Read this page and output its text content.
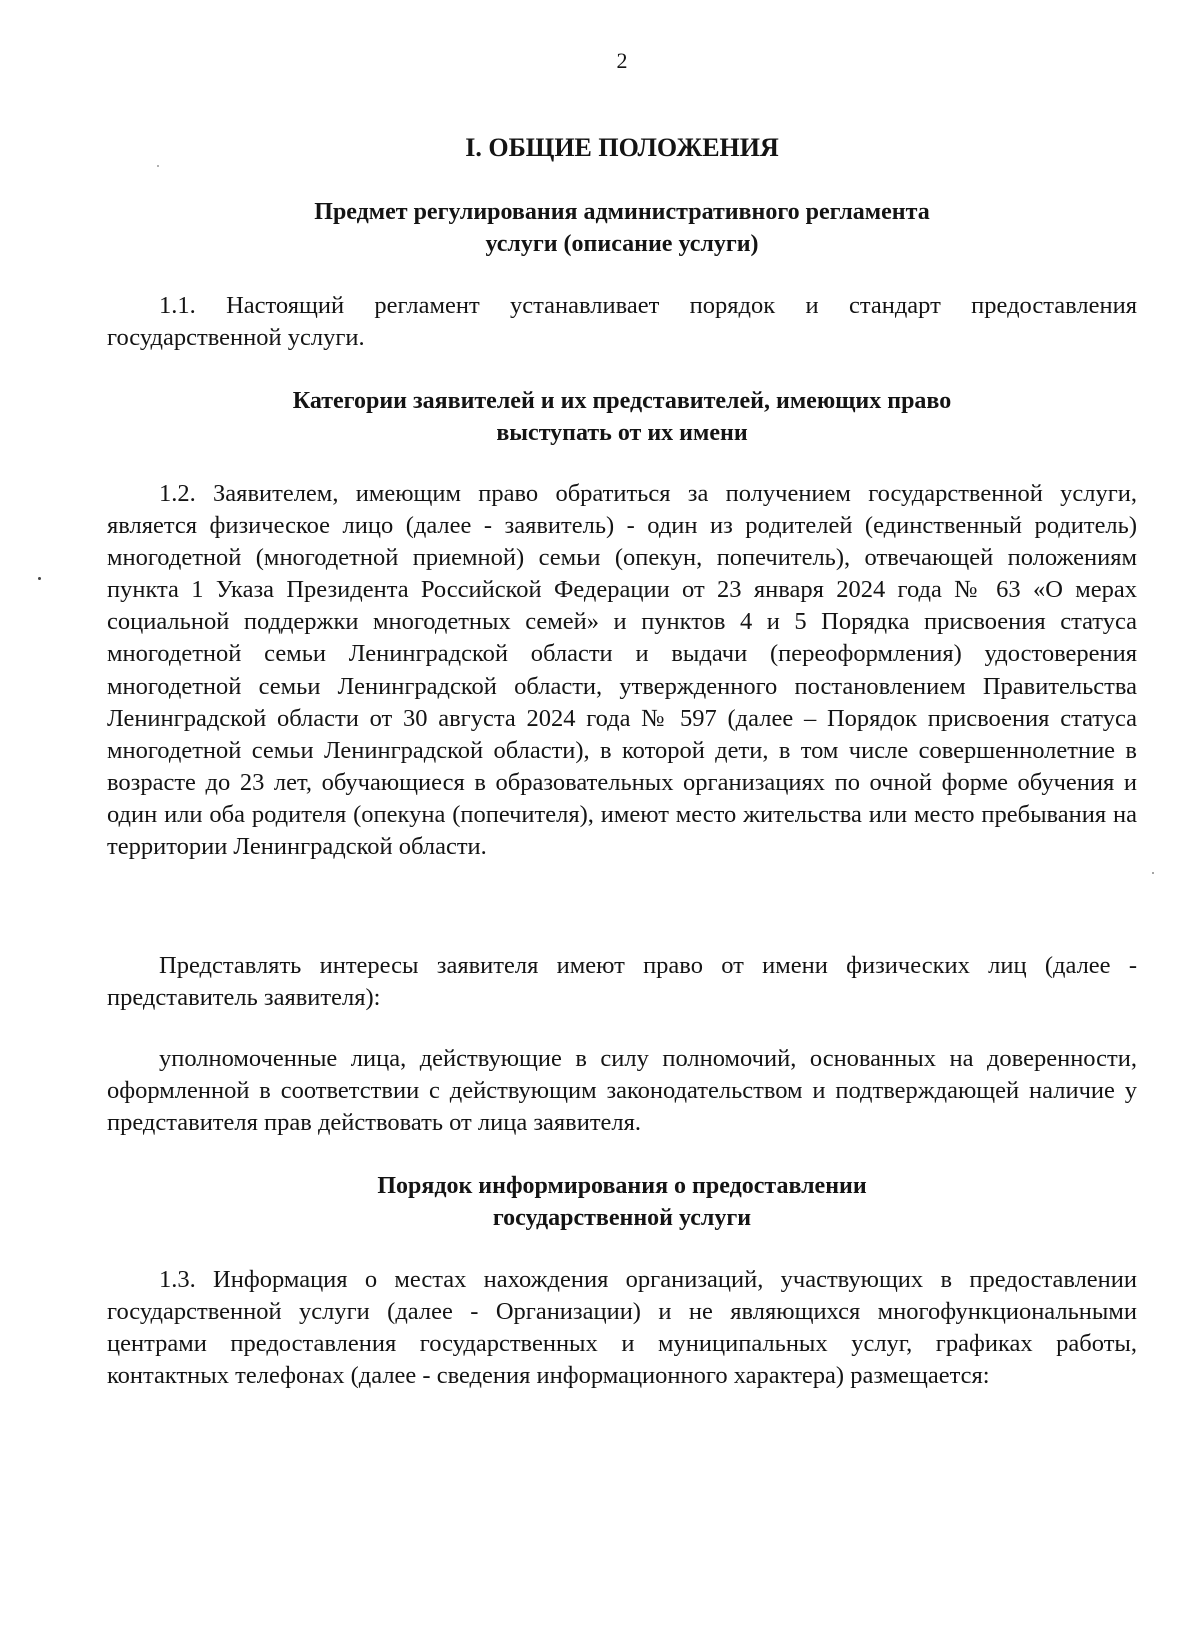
2
I. ОБЩИЕ ПОЛОЖЕНИЯ
Предмет регулирования административного регламента
услуги (описание услуги)

1.1. Настоящий регламент устанавливает порядок и стандарт предоставления государственной услуги.

Категории заявителей и их представителей, имеющих право
выступать от их имени

1.2. Заявителем, имеющим право обратиться за получением государственной услуги, является физическое лицо (далее - заявитель) - один из родителей (единственный родитель) многодетной (многодетной приемной) семьи (опекун, попечитель), отвечающей положениям пункта 1 Указа Президента Российской Федерации от 23 января 2024 года № 63 «О мерах социальной поддержки многодетных семей» и пунктов 4 и 5 Порядка присвоения статуса многодетной семьи Ленинградской области и выдачи (переоформления) удостоверения многодетной семьи Ленинградской области, утвержденного постановлением Правительства Ленинградской области от 30 августа 2024 года № 597 (далее – Порядок присвоения статуса многодетной семьи Ленинградской области), в которой дети, в том числе совершеннолетние в возрасте до 23 лет, обучающиеся в образовательных организациях по очной форме обучения и один или оба родителя (опекуна (попечителя), имеют место жительства или место пребывания на территории Ленинградской области.

Представлять интересы заявителя имеют право от имени физических лиц (далее - представитель заявителя):

уполномоченные лица, действующие в силу полномочий, основанных на доверенности, оформленной в соответствии с действующим законодательством и подтверждающей наличие у представителя прав действовать от лица заявителя.

Порядок информирования о предоставлении
государственной услуги

1.3. Информация о местах нахождения организаций, участвующих в предоставлении государственной услуги (далее - Организации) и не являющихся многофункциональными центрами предоставления государственных и муниципальных услуг, графиках работы, контактных телефонах (далее - сведения информационного характера) размещается:
